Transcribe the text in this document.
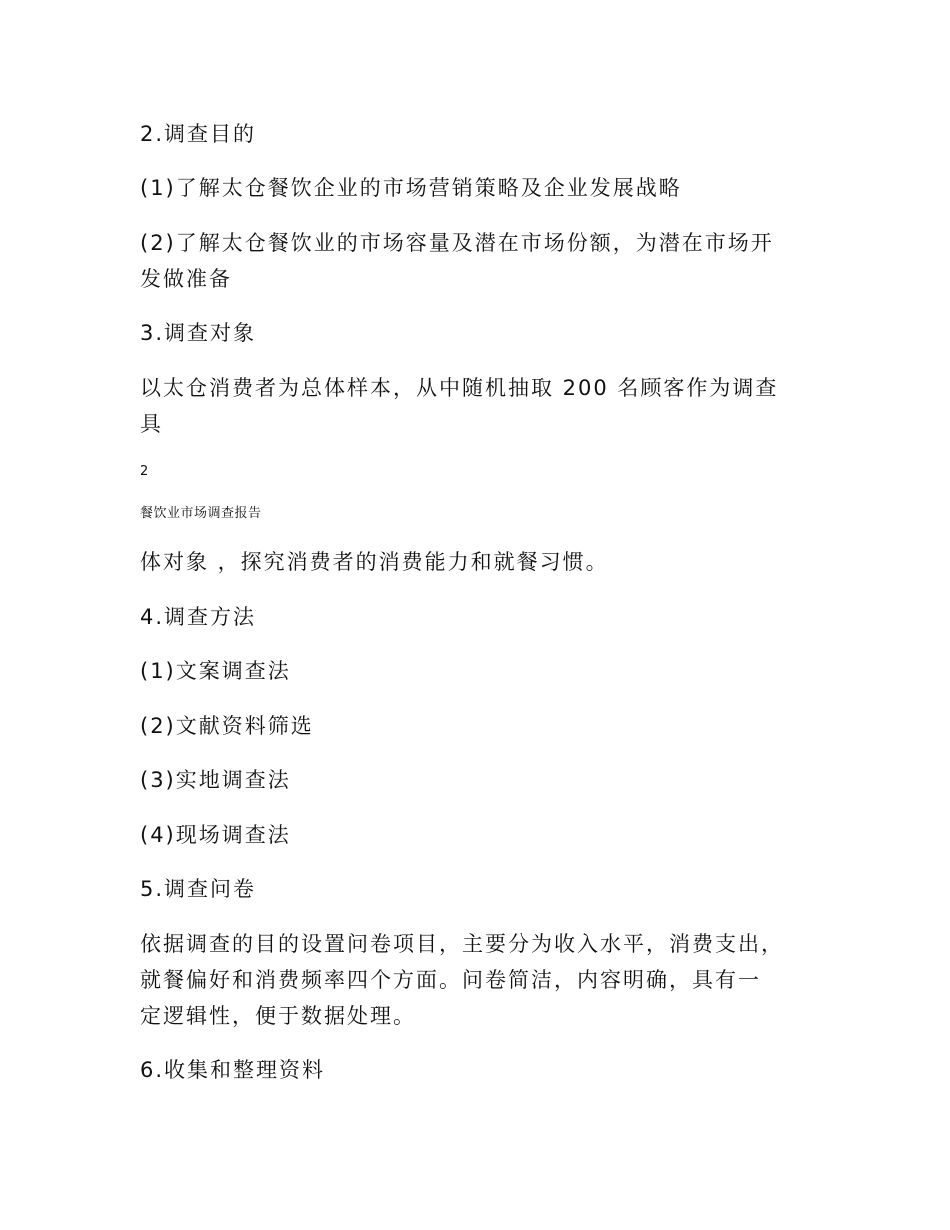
2.调查目的
(1)了解太仓餐饮企业的市场营销策略及企业发展战略
(2)了解太仓餐饮业的市场容量及潜在市场份额，为潜在市场开
发做准备
3.调查对象
以太仓消费者为总体样本，从中随机抽取 200 名顾客作为调查
具
2
餐饮业市场调查报告
体对象 ，探究消费者的消费能力和就餐习惯。
4.调查方法
(1)文案调查法
(2)文献资料筛选
(3)实地调查法
(4)现场调查法
5.调查问卷
依据调查的目的设置问卷项目，主要分为收入水平，消费支出，
就餐偏好和消费频率四个方面。问卷简洁，内容明确，具有一
定逻辑性，便于数据处理。
6.收集和整理资料
